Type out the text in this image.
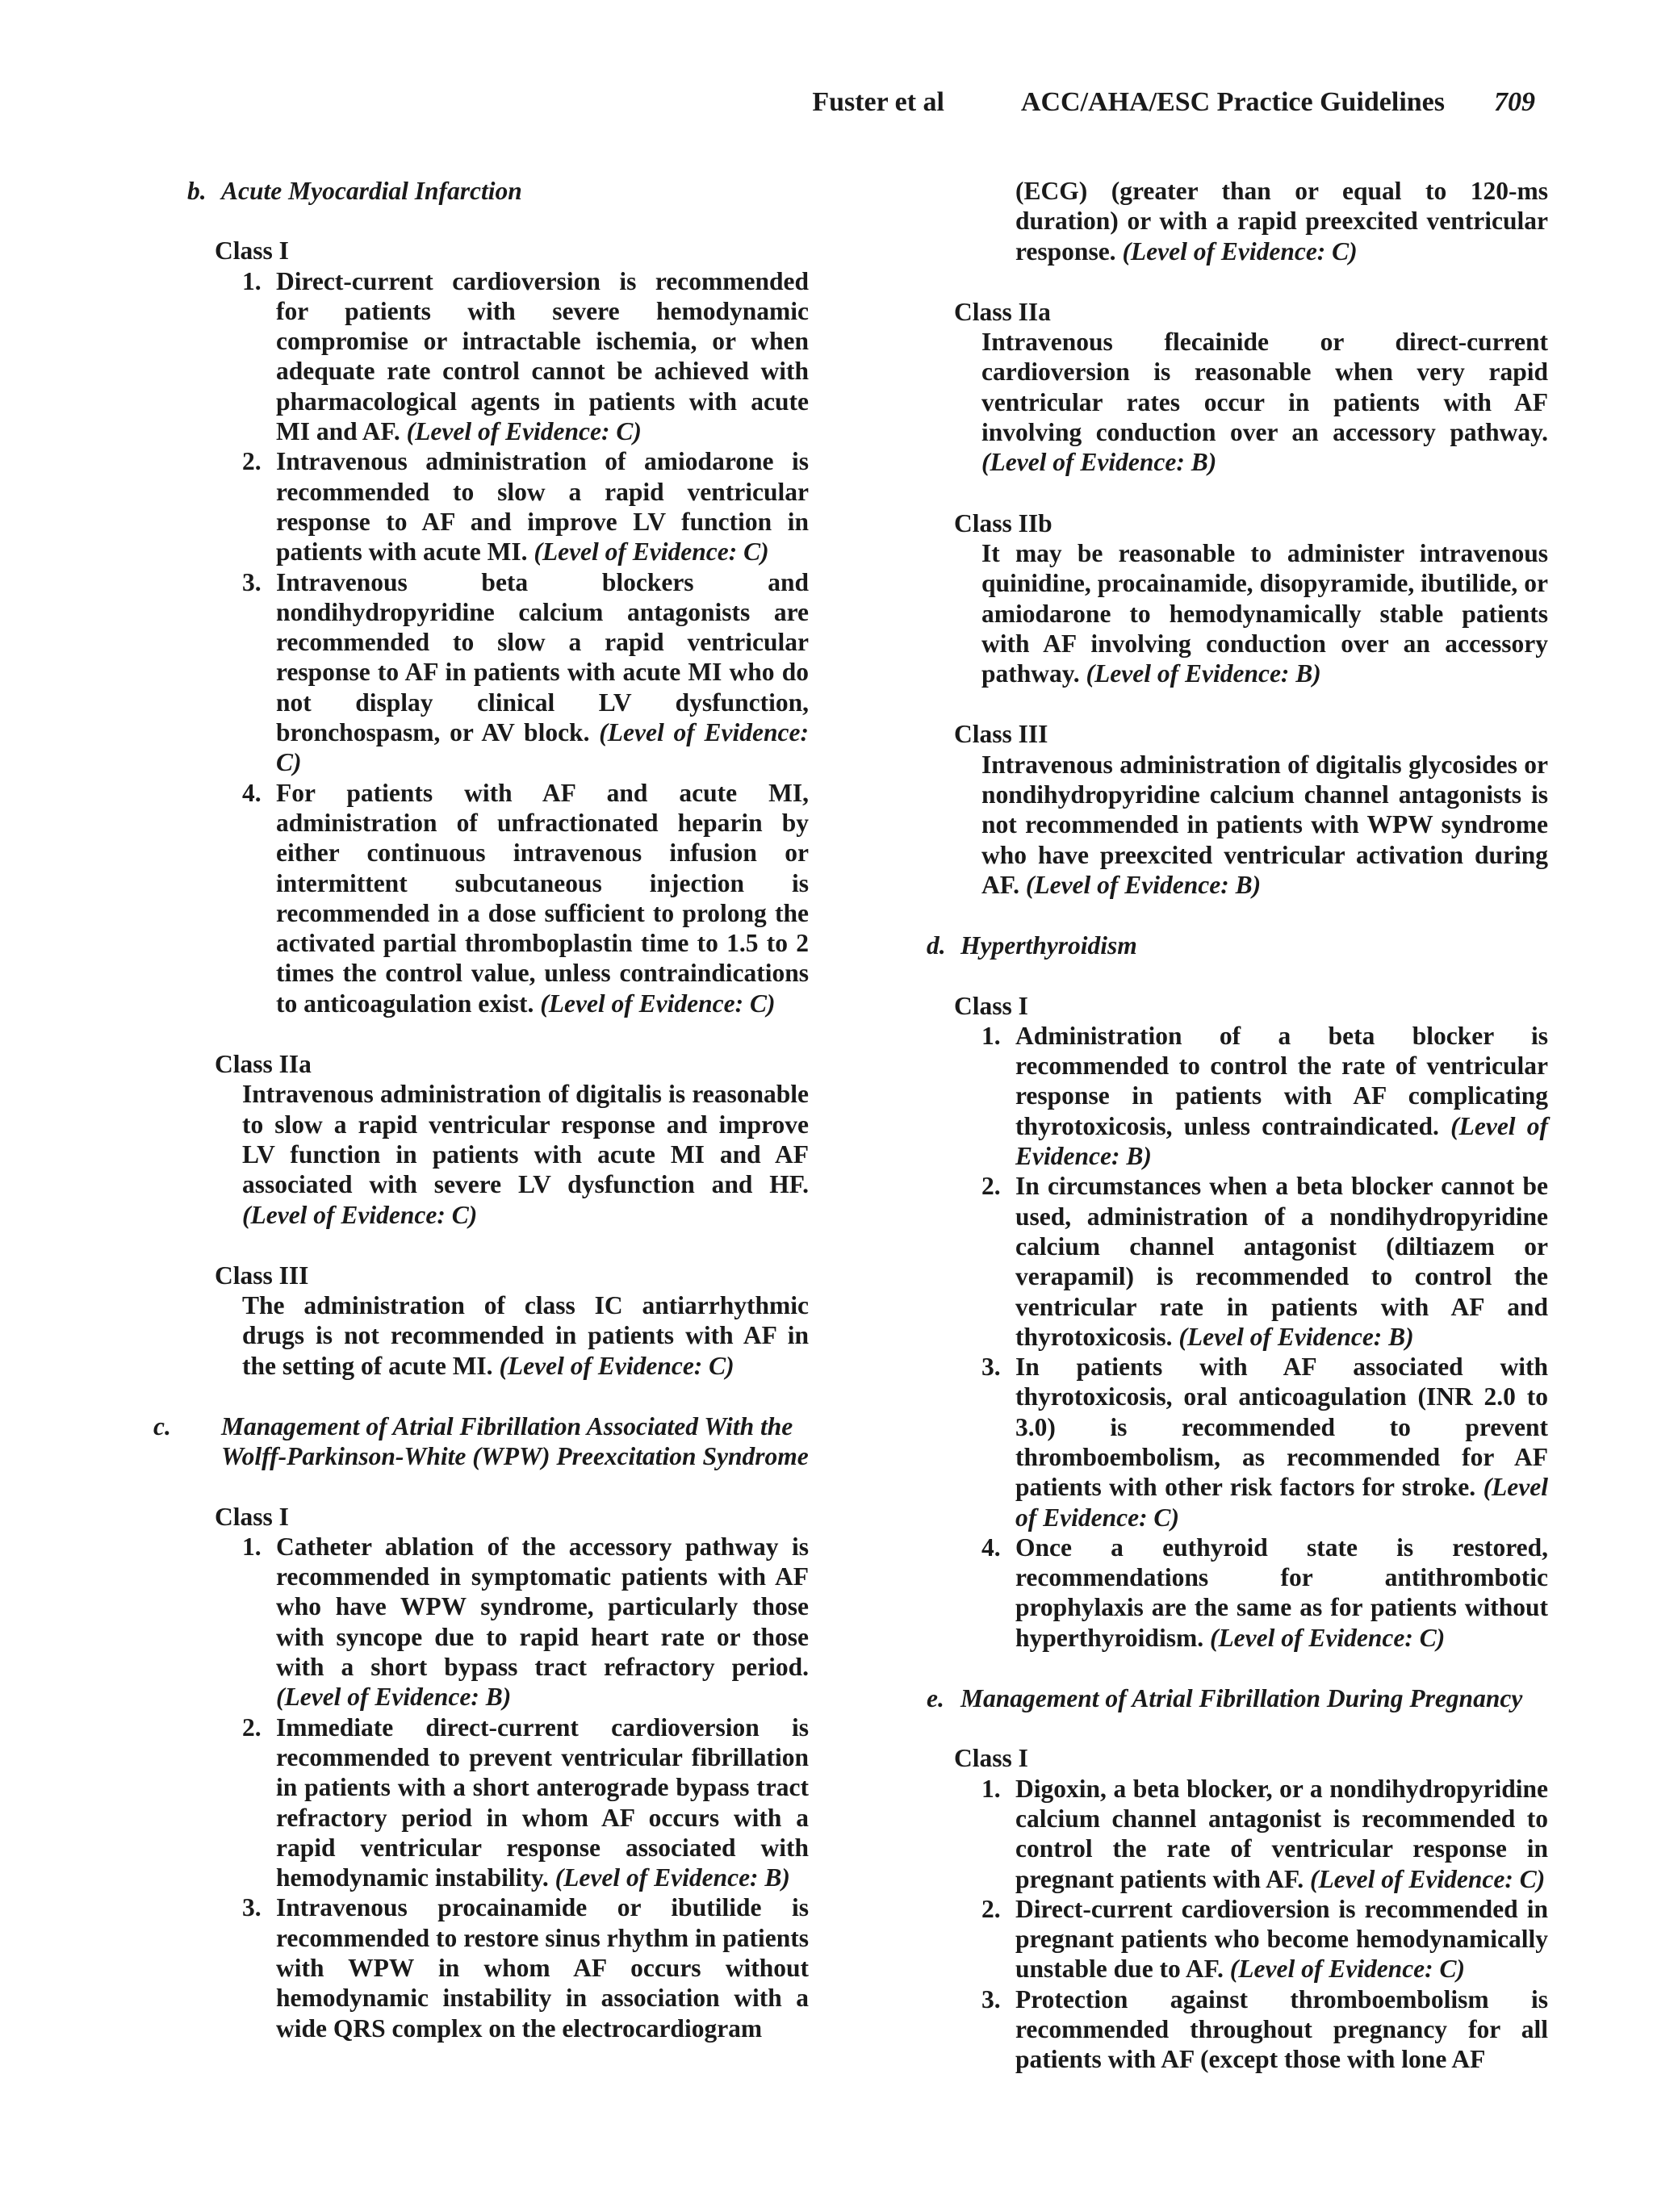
Fuster et al	ACC/AHA/ESC Practice Guidelines 709
b. Acute Myocardial Infarction
Class I
1. Direct-current cardioversion is recommended for patients with severe hemodynamic compromise or intractable ischemia, or when adequate rate control cannot be achieved with pharmacological agents in patients with acute MI and AF. (Level of Evidence: C)
2. Intravenous administration of amiodarone is recommended to slow a rapid ventricular response to AF and improve LV function in patients with acute MI. (Level of Evidence: C)
3. Intravenous beta blockers and nondihydropyridine calcium antagonists are recommended to slow a rapid ventricular response to AF in patients with acute MI who do not display clinical LV dysfunction, bronchospasm, or AV block. (Level of Evidence: C)
4. For patients with AF and acute MI, administration of unfractionated heparin by either continuous intravenous infusion or intermittent subcutaneous injection is recommended in a dose sufficient to prolong the activated partial thromboplastin time to 1.5 to 2 times the control value, unless contraindications to anticoagulation exist. (Level of Evidence: C)
Class IIa
Intravenous administration of digitalis is reasonable to slow a rapid ventricular response and improve LV function in patients with acute MI and AF associated with severe LV dysfunction and HF. (Level of Evidence: C)
Class III
The administration of class IC antiarrhythmic drugs is not recommended in patients with AF in the setting of acute MI. (Level of Evidence: C)
c. Management of Atrial Fibrillation Associated With the Wolff-Parkinson-White (WPW) Preexcitation Syndrome
Class I
1. Catheter ablation of the accessory pathway is recommended in symptomatic patients with AF who have WPW syndrome, particularly those with syncope due to rapid heart rate or those with a short bypass tract refractory period. (Level of Evidence: B)
2. Immediate direct-current cardioversion is recommended to prevent ventricular fibrillation in patients with a short anterograde bypass tract refractory period in whom AF occurs with a rapid ventricular response associated with hemodynamic instability. (Level of Evidence: B)
3. Intravenous procainamide or ibutilide is recommended to restore sinus rhythm in patients with WPW in whom AF occurs without hemodynamic instability in association with a wide QRS complex on the electrocardiogram
(ECG) (greater than or equal to 120-ms duration) or with a rapid preexcited ventricular response. (Level of Evidence: C)
Class IIa
Intravenous flecainide or direct-current cardioversion is reasonable when very rapid ventricular rates occur in patients with AF involving conduction over an accessory pathway. (Level of Evidence: B)
Class IIb
It may be reasonable to administer intravenous quinidine, procainamide, disopyramide, ibutilide, or amiodarone to hemodynamically stable patients with AF involving conduction over an accessory pathway. (Level of Evidence: B)
Class III
Intravenous administration of digitalis glycosides or nondihydropyridine calcium channel antagonists is not recommended in patients with WPW syndrome who have preexcited ventricular activation during AF. (Level of Evidence: B)
d. Hyperthyroidism
Class I
1. Administration of a beta blocker is recommended to control the rate of ventricular response in patients with AF complicating thyrotoxicosis, unless contraindicated. (Level of Evidence: B)
2. In circumstances when a beta blocker cannot be used, administration of a nondihydropyridine calcium channel antagonist (diltiazem or verapamil) is recommended to control the ventricular rate in patients with AF and thyrotoxicosis. (Level of Evidence: B)
3. In patients with AF associated with thyrotoxicosis, oral anticoagulation (INR 2.0 to 3.0) is recommended to prevent thromboembolism, as recommended for AF patients with other risk factors for stroke. (Level of Evidence: C)
4. Once a euthyroid state is restored, recommendations for antithrombotic prophylaxis are the same as for patients without hyperthyroidism. (Level of Evidence: C)
e. Management of Atrial Fibrillation During Pregnancy
Class I
1. Digoxin, a beta blocker, or a nondihydropyridine calcium channel antagonist is recommended to control the rate of ventricular response in pregnant patients with AF. (Level of Evidence: C)
2. Direct-current cardioversion is recommended in pregnant patients who become hemodynamically unstable due to AF. (Level of Evidence: C)
3. Protection against thromboembolism is recommended throughout pregnancy for all patients with AF (except those with lone AF
